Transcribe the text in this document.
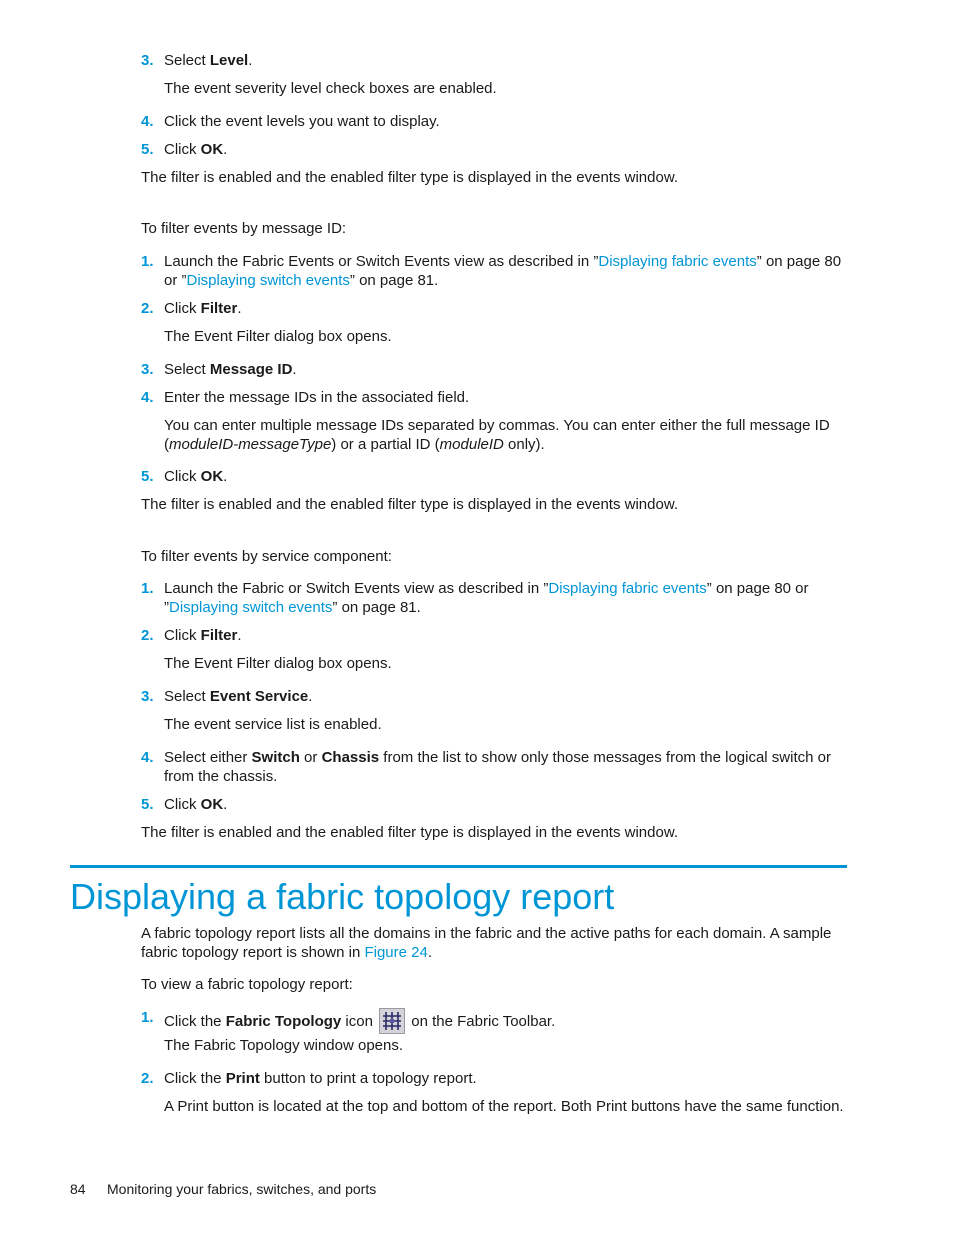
3. Select Level.
The event severity level check boxes are enabled.
4. Click the event levels you want to display.
5. Click OK.
The filter is enabled and the enabled filter type is displayed in the events window.
To filter events by message ID:
1. Launch the Fabric Events or Switch Events view as described in ”Displaying fabric events” on page 80 or ”Displaying switch events” on page 81.
2. Click Filter.
The Event Filter dialog box opens.
3. Select Message ID.
4. Enter the message IDs in the associated field.
You can enter multiple message IDs separated by commas. You can enter either the full message ID (moduleID-messageType) or a partial ID (moduleID only).
5. Click OK.
The filter is enabled and the enabled filter type is displayed in the events window.
To filter events by service component:
1. Launch the Fabric or Switch Events view as described in ”Displaying fabric events” on page 80 or ”Displaying switch events” on page 81.
2. Click Filter.
The Event Filter dialog box opens.
3. Select Event Service.
The event service list is enabled.
4. Select either Switch or Chassis from the list to show only those messages from the logical switch or from the chassis.
5. Click OK.
The filter is enabled and the enabled filter type is displayed in the events window.
Displaying a fabric topology report
A fabric topology report lists all the domains in the fabric and the active paths for each domain. A sample fabric topology report is shown in Figure 24.
To view a fabric topology report:
1. Click the Fabric Topology icon  on the Fabric Toolbar.
The Fabric Topology window opens.
2. Click the Print button to print a topology report.
A Print button is located at the top and bottom of the report. Both Print buttons have the same function.
84 Monitoring your fabrics, switches, and ports
